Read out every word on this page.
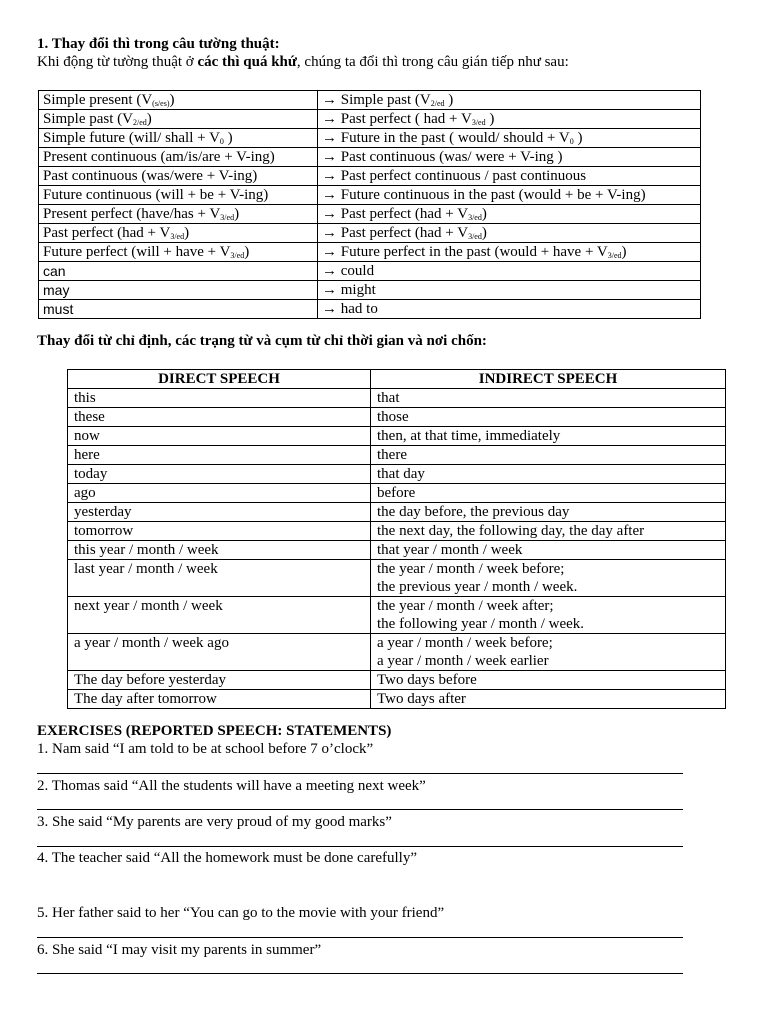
1. Thay đổi thì trong câu tường thuật:
Khi động từ tường thuật ở các thì quá khứ, chúng ta đổi thì trong câu gián tiếp như sau:
Simple present $(V_{(s/es)})$	→ Simple past ($V_{2/ed}$ )
Simple past $(V_{2/ed})$	→ Past perfect ( had + $V_{3/ed}$ )
Simple future (will/ shall + $V_0$ )	→ Future in the past ( would/ should + $V_0$ )
Present continuous (am/is/are + V-ing)	→ Past continuous (was/ were + V-ing )
Past continuous (was/were + V-ing)	→ Past perfect continuous / past continuous
Future continuous (will + be + V-ing)	→ Future continuous in the past (would + be + V-ing)
Present perfect (have/has + $V_{3/ed}$)	→ Past perfect $(had + V_{3/ed})$
Past perfect $(had + V_{3/ed})$	→ Past perfect $(had + V_{3/ed})$
Future perfect (will + have + $V_{3/ed}$)	→ Future perfect in the past (would + have + $V_{3/ed}$)
can	→ could
may	→ might
must	→ had to
Thay đổi từ chỉ định, các trạng từ và cụm từ chỉ thời gian và nơi chốn:
DIRECT SPEECH	INDIRECT SPEECH
this	that

these	those

now	then, at that time, immediately

here	there

today	that day

ago	before

yesterday	the day before, the previous day

tomorrow	the next day, the following day, the day after

this year / month / week	that year / month / week

last year / month / week	the year / month / week before;
the previous year / month / week.

next year / month / week	the year / month / week after;
the following year / month / week.

a year / month / week ago	a year / month / week before;
a year / month / week earlier

The day before yesterday	Two days before

The day after tomorrow	Two days after
EXERCISES (REPORTED SPEECH: STATEMENTS)
1. Nam said “I am told to be at school before 7 o’clock”
2. Thomas said “All the students will have a meeting next week”
3. She said “My parents are very proud of my good marks”
4. The teacher said “All the homework must be done carefully”
5. Her father said to her “You can go to the movie with your friend”
6. She said “I may visit my parents in summer”
